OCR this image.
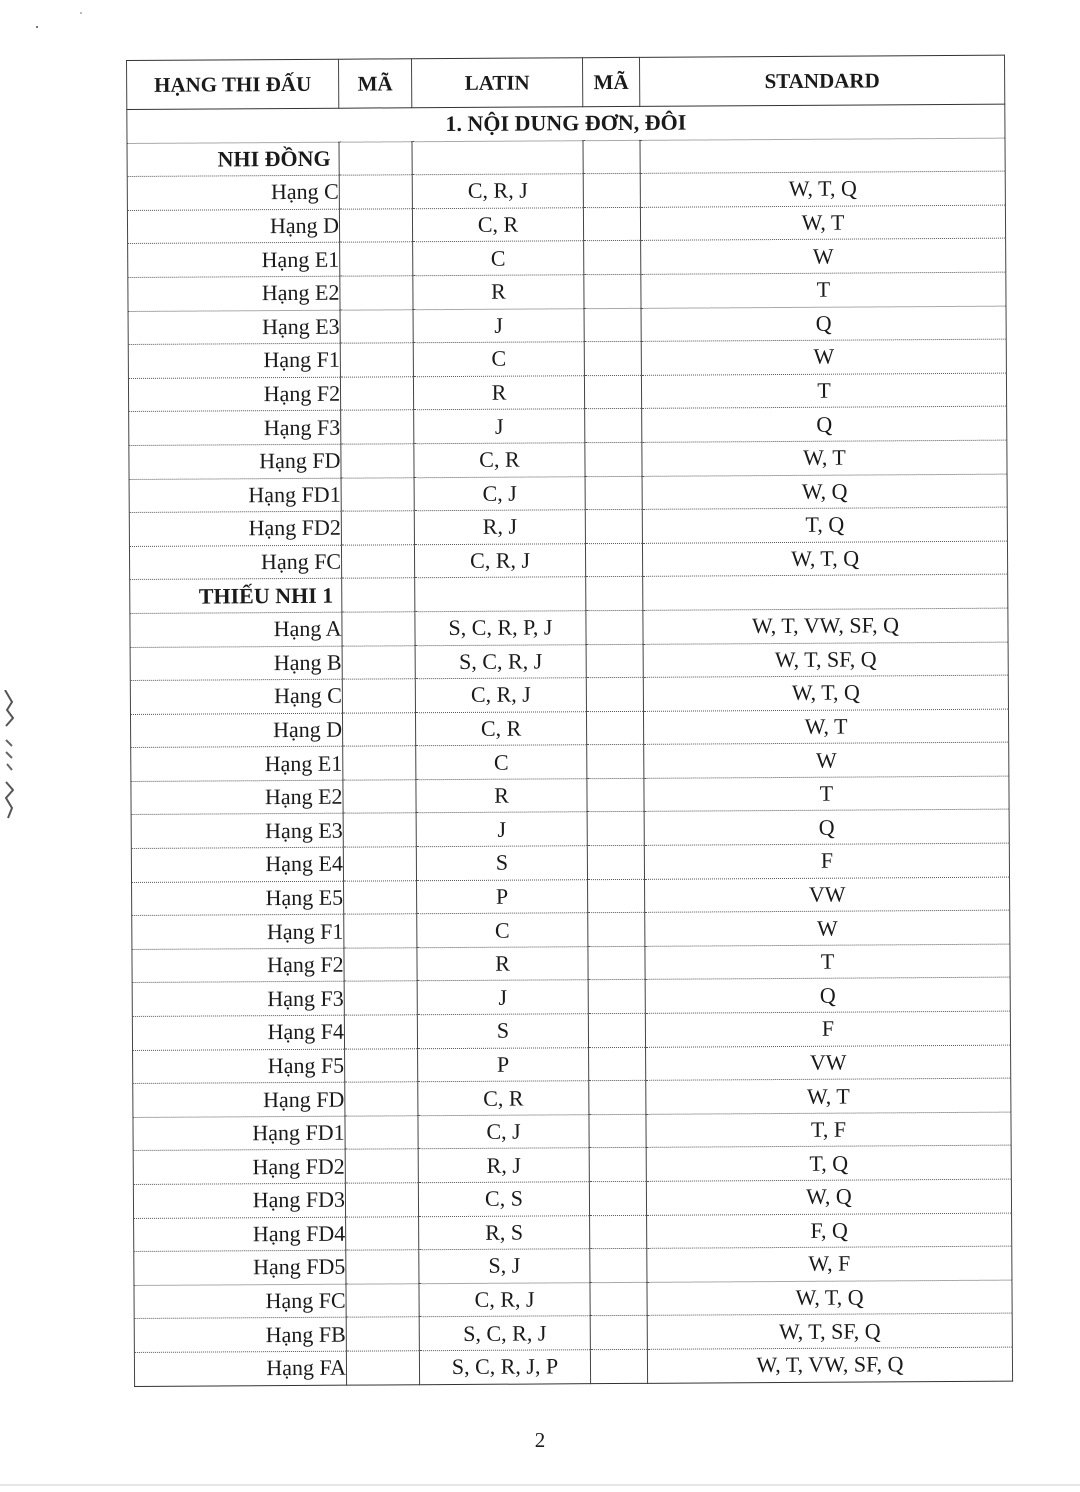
HẠNG THI ĐẤU	MÃ	LATIN	MÃ	STANDARD
1. NỘI DUNG ĐƠN, ĐÔI				
NHI ĐỒNG				
Hạng C		C, R, J		W, T, Q
Hạng D		C, R		W, T
Hạng E1		C		W
Hạng E2		R		T
Hạng E3		J		Q
Hạng F1		C		W
Hạng F2		R		T
Hạng F3		J		Q
Hạng FD		C, R		W, T
Hạng FD1		C, J		W, Q
Hạng FD2		R, J		T, Q
Hạng FC		C, R, J		W, T, Q
THIẾU NHI 1				
Hạng A		S, C, R, P, J		W, T, VW, SF, Q
Hạng B		S, C, R, J		W, T, SF, Q
Hạng C		C, R, J		W, T, Q
Hạng D		C, R		W, T
Hạng E1		C		W
Hạng E2		R		T
Hạng E3		J		Q
Hạng E4		S		F
Hạng E5		P		VW
Hạng F1		C		W
Hạng F2		R		T
Hạng F3		J		Q
Hạng F4		S		F
Hạng F5		P		VW
Hạng FD		C, R		W, T
Hạng FD1		C, J		T, F
Hạng FD2		R, J		T, Q
Hạng FD3		C, S		W, Q
Hạng FD4		R, S		F, Q
Hạng FD5		S, J		W, F
Hạng FC		C, R, J		W, T, Q
Hạng FB		S, C, R, J		W, T, SF, Q
Hạng FA		S, C, R, J, P		W, T, VW, SF, Q
2
